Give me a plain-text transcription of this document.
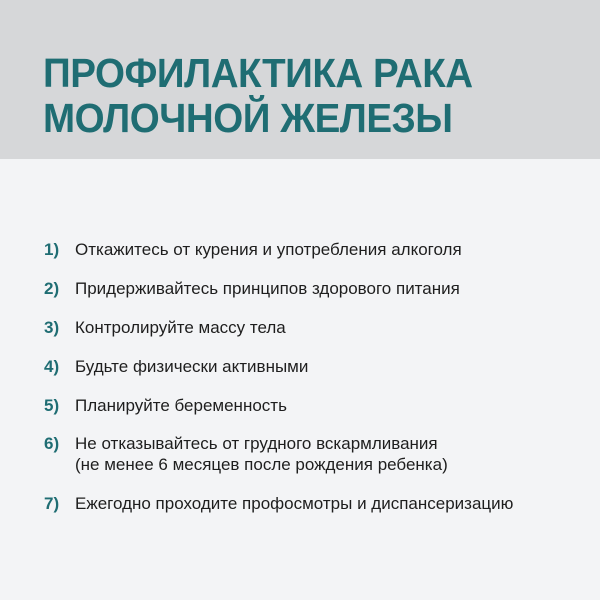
ПРОФИЛАКТИКА РАКА
МОЛОЧНОЙ ЖЕЛЕЗЫ
1) Откажитесь от курения и употребления алкоголя
2) Придерживайтесь принципов здорового питания
3) Контролируйте массу тела
4) Будьте физически активными
5) Планируйте беременность
6) Не отказывайтесь от грудного вскармливания
(не менее 6 месяцев после рождения ребенка)
7) Ежегодно проходите профосмотры и диспансеризацию
